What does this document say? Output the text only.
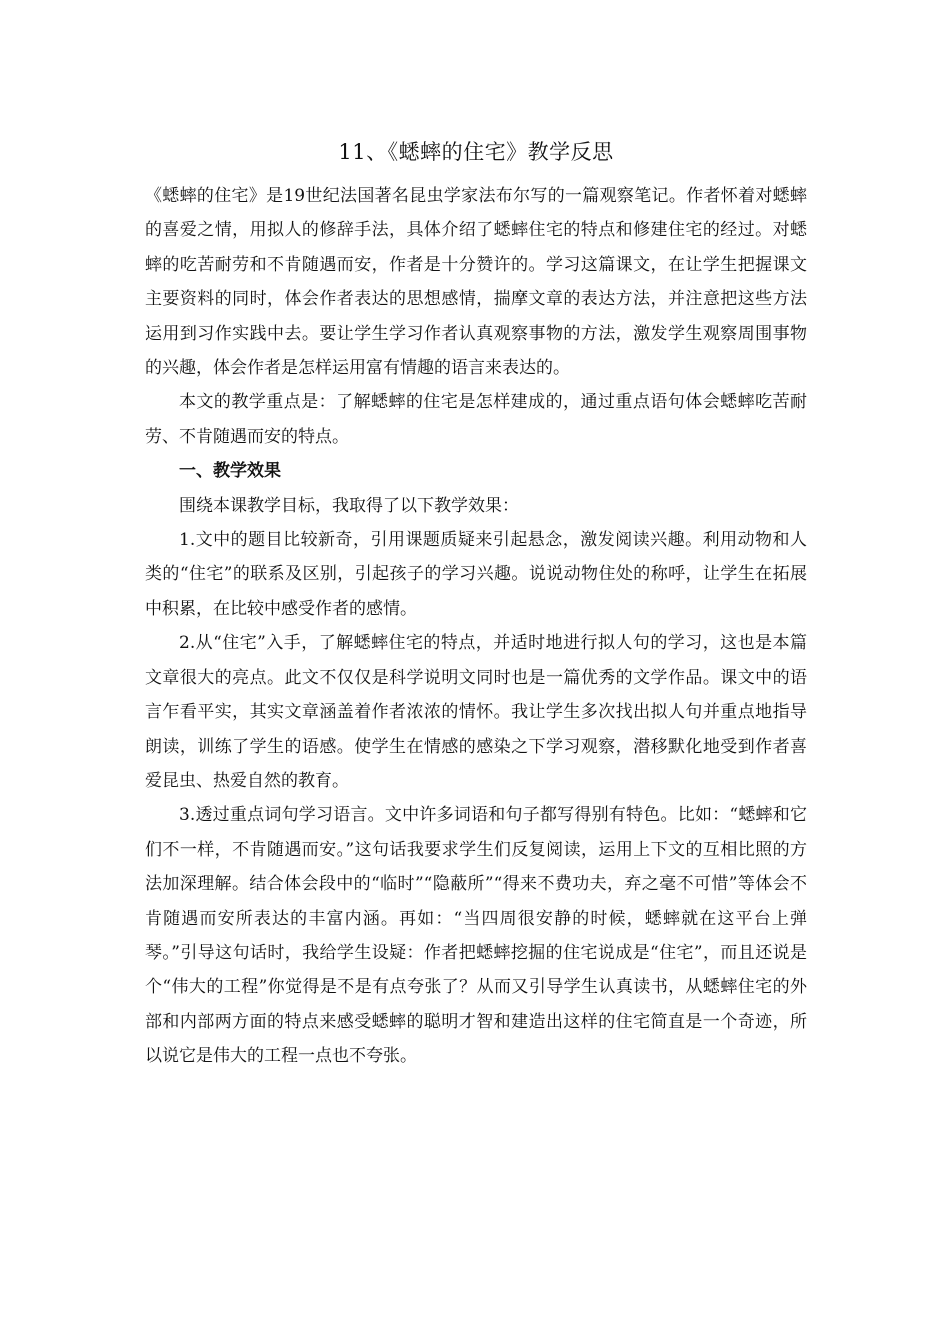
11、《蟋蟀的住宅》教学反思

《蟋蟀的住宅》是19世纪法国著名昆虫学家法布尔写的一篇观察笔记。作者怀着对蟋蟀的喜爱之情，用拟人的修辞手法，具体介绍了蟋蟀住宅的特点和修建住宅的经过。对蟋蟀的吃苦耐劳和不肯随遇而安，作者是十分赞许的。学习这篇课文，在让学生把握课文主要资料的同时，体会作者表达的思想感情，揣摩文章的表达方法，并注意把这些方法运用到习作实践中去。要让学生学习作者认真观察事物的方法，激发学生观察周围事物的兴趣，体会作者是怎样运用富有情趣的语言来表达的。

本文的教学重点是：了解蟋蟀的住宅是怎样建成的，通过重点语句体会蟋蟀吃苦耐劳、不肯随遇而安的特点。

一、教学效果

围绕本课教学目标，我取得了以下教学效果：

1.文中的题目比较新奇，引用课题质疑来引起悬念，激发阅读兴趣。利用动物和人类的“住宅”的联系及区别，引起孩子的学习兴趣。说说动物住处的称呼，让学生在拓展中积累，在比较中感受作者的感情。

2.从“住宅”入手，了解蟋蟀住宅的特点，并适时地进行拟人句的学习，这也是本篇文章很大的亮点。此文不仅仅是科学说明文同时也是一篇优秀的文学作品。课文中的语言乍看平实，其实文章涵盖着作者浓浓的情怀。我让学生多次找出拟人句并重点地指导朗读，训练了学生的语感。使学生在情感的感染之下学习观察，潜移默化地受到作者喜爱昆虫、热爱自然的教育。

3.透过重点词句学习语言。文中许多词语和句子都写得别有特色。比如：“蟋蟀和它们不一样，不肯随遇而安。”这句话我要求学生们反复阅读，运用上下文的互相比照的方法加深理解。结合体会段中的“临时”“隐蔽所”“得来不费功夫，弃之毫不可惜”等体会不肯随遇而安所表达的丰富内涵。再如：“当四周很安静的时候，蟋蟀就在这平台上弹琴。”引导这句话时，我给学生设疑：作者把蟋蟀挖掘的住宅说成是“住宅”，而且还说是个“伟大的工程”你觉得是不是有点夸张了？从而又引导学生认真读书，从蟋蟀住宅的外部和内部两方面的特点来感受蟋蟀的聪明才智和建造出这样的住宅简直是一个奇迹，所以说它是伟大的工程一点也不夸张。
